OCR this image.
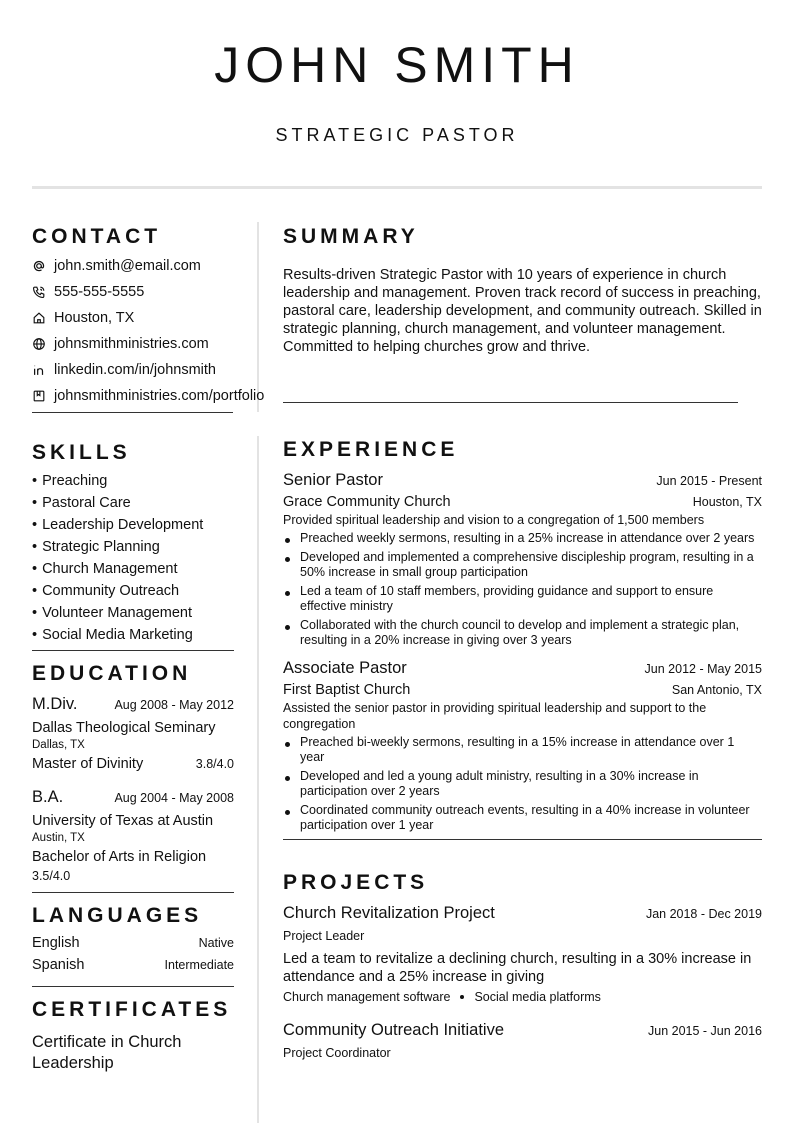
JOHN SMITH
STRATEGIC PASTOR
CONTACT
john.smith@email.com
555-555-5555
Houston, TX
johnsmithministries.com
linkedin.com/in/johnsmith
johnsmithministries.com/portfolio
SKILLS
• Preaching
• Pastoral Care
• Leadership Development
• Strategic Planning
• Church Management
• Community Outreach
• Volunteer Management
• Social Media Marketing
EDUCATION
M.Div.	Aug 2008 - May 2012
Dallas Theological Seminary
Dallas, TX
Master of Divinity	3.8/4.0
B.A.	Aug 2004 - May 2008
University of Texas at Austin
Austin, TX
Bachelor of Arts in Religion
3.5/4.0
LANGUAGES
English	Native
Spanish	Intermediate
CERTIFICATES
Certificate in Church Leadership
SUMMARY
Results-driven Strategic Pastor with 10 years of experience in church leadership and management. Proven track record of success in preaching, pastoral care, leadership development, and community outreach. Skilled in strategic planning, church management, and volunteer management. Committed to helping churches grow and thrive.
EXPERIENCE
Senior Pastor	Jun 2015 - Present
Grace Community Church	Houston, TX
Provided spiritual leadership and vision to a congregation of 1,500 members
Preached weekly sermons, resulting in a 25% increase in attendance over 2 years
Developed and implemented a comprehensive discipleship program, resulting in a 50% increase in small group participation
Led a team of 10 staff members, providing guidance and support to ensure effective ministry
Collaborated with the church council to develop and implement a strategic plan, resulting in a 20% increase in giving over 3 years
Associate Pastor	Jun 2012 - May 2015
First Baptist Church	San Antonio, TX
Assisted the senior pastor in providing spiritual leadership and support to the congregation
Preached bi-weekly sermons, resulting in a 15% increase in attendance over 1 year
Developed and led a young adult ministry, resulting in a 30% increase in participation over 2 years
Coordinated community outreach events, resulting in a 40% increase in volunteer participation over 1 year
PROJECTS
Church Revitalization Project	Jan 2018 - Dec 2019
Project Leader
Led a team to revitalize a declining church, resulting in a 30% increase in attendance and a 25% increase in giving
Church management software Social media platforms
Community Outreach Initiative	Jun 2015 - Jun 2016
Project Coordinator
